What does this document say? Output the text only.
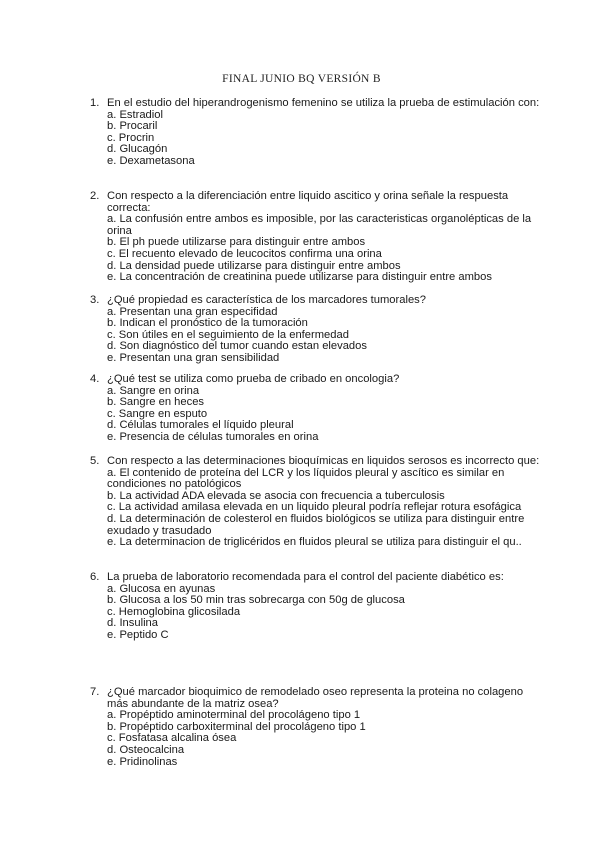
FINAL JUNIO BQ VERSIÓN B
1. En el estudio del hiperandrogenismo femenino se utiliza la prueba de estimulación con:
a. Estradiol
b. Procaril
c. Procrin
d. Glucagón
e. Dexametasona
2. Con respecto a la diferenciación entre liquido ascitico y orina señale la respuesta correcta:
a. La confusión entre ambos es imposible, por las caracteristicas organolépticas de la orina
b. El ph puede utilizarse para distinguir entre ambos
c. El recuento elevado de leucocitos confirma una orina
d. La densidad puede utilizarse para distinguir entre ambos
e. La concentración de creatinina puede utilizarse para distinguir entre ambos
3. ¿Qué propiedad es característica de los marcadores tumorales?
a. Presentan una gran especifidad
b. Indican el pronóstico de la tumoración
c. Son útiles en el seguimiento de la enfermedad
d. Son diagnóstico del tumor cuando estan elevados
e. Presentan una gran sensibilidad
4. ¿Qué test se utiliza como prueba de cribado en oncologia?
a. Sangre en orina
b. Sangre en heces
c. Sangre en esputo
d. Células tumorales el líquido pleural
e. Presencia de células tumorales en orina
5. Con respecto a las determinaciones bioquímicas en liquidos serosos es incorrecto que:
a. El contenido de proteína del LCR y los líquidos pleural y ascítico es similar en condiciones no patológicos
b. La actividad ADA elevada se asocia con frecuencia a tuberculosis
c. La actividad amilasa elevada en un liquido pleural podría reflejar rotura esofágica
d. La determinación de colesterol en fluidos biológicos se utiliza para distinguir entre exudado y trasudado
e. La determinacion de triglicéridos en fluidos pleural se utiliza para distinguir el qu..
6. La prueba de laboratorio recomendada para el control del paciente diabético es:
a. Glucosa en ayunas
b. Glucosa a los 50 min tras sobrecarga con 50g de glucosa
c. Hemoglobina glicosilada
d. Insulina
e. Peptido C
7. ¿Qué marcador bioquimico de remodelado oseo representa la proteina no colageno más abundante de la matriz osea?
a. Propéptido aminoterminal del procolágeno tipo 1
b. Propéptido carboxiterminal del procolágeno tipo 1
c. Fosfatasa alcalina ósea
d. Osteocalcina
e. Pridinolinas
